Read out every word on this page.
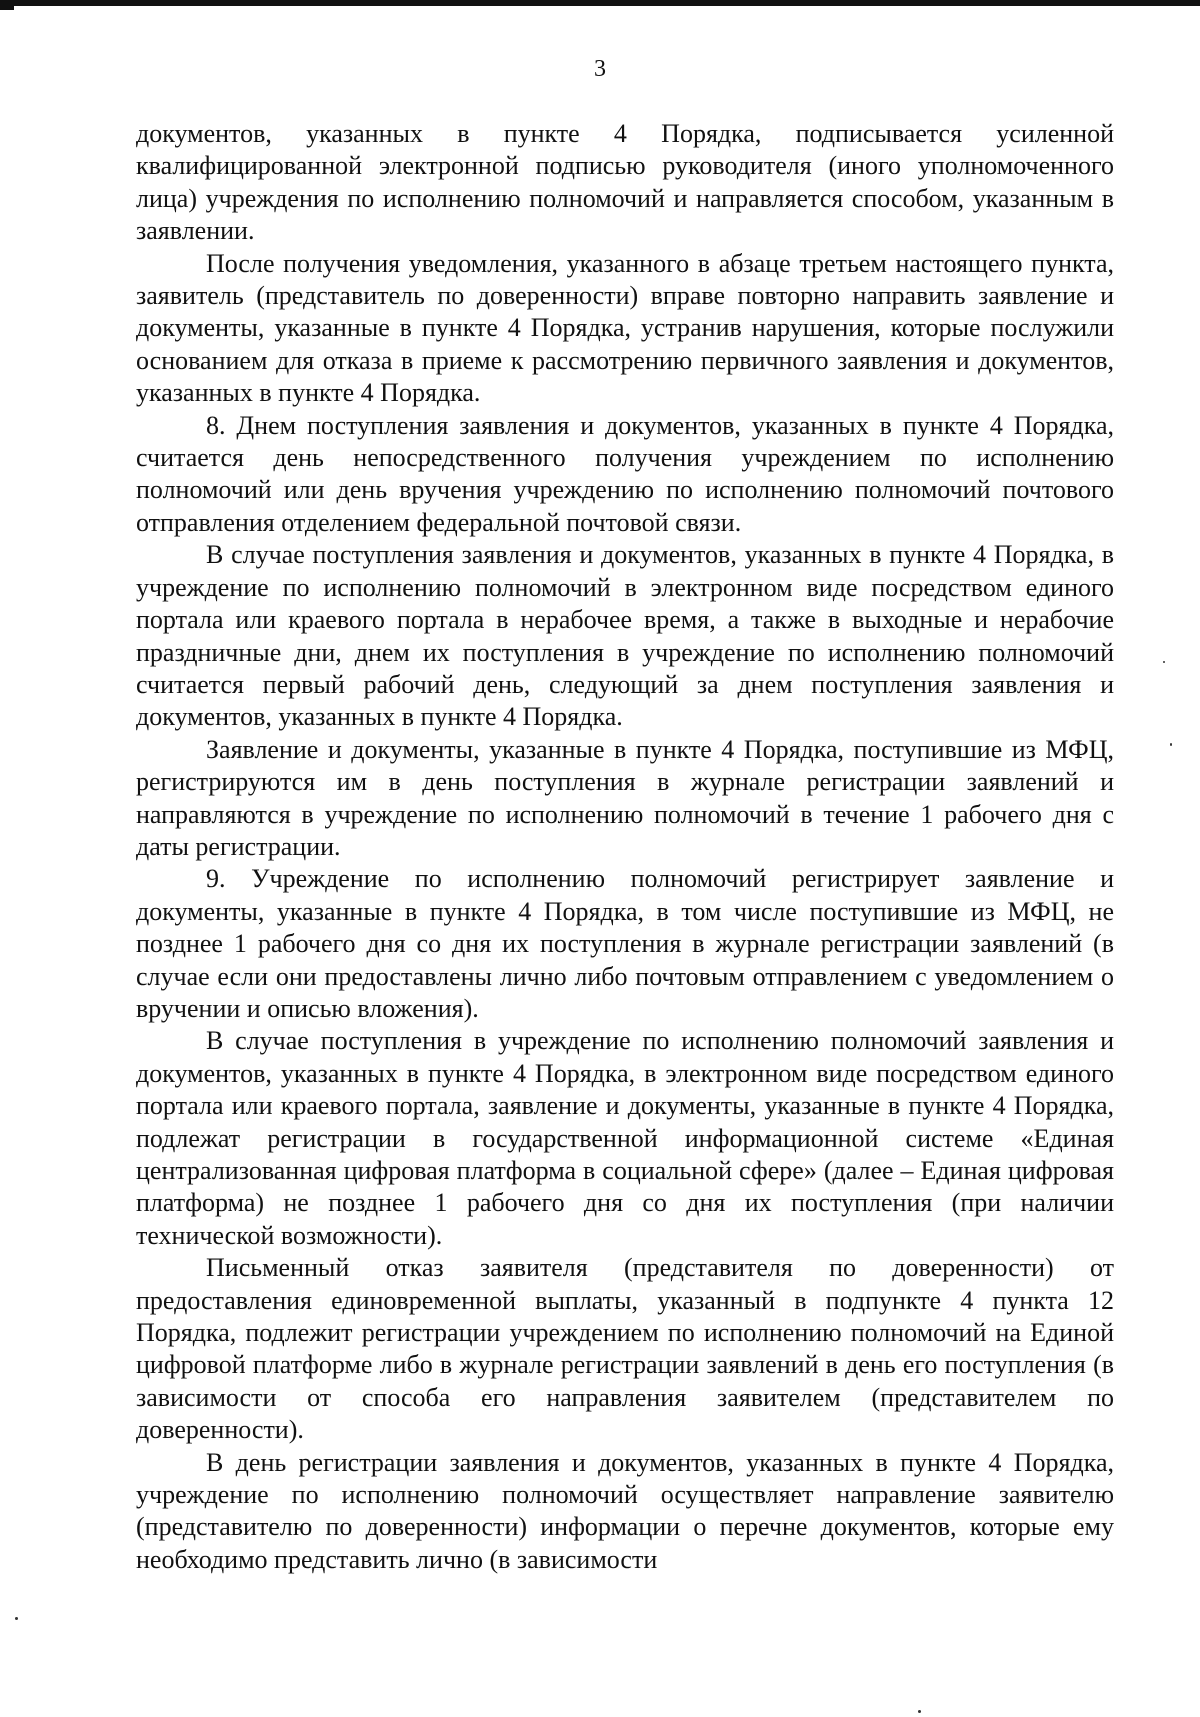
3

документов, указанных в пункте 4 Порядка, подписывается усиленной квалифицированной электронной подписью руководителя (иного уполномоченного лица) учреждения по исполнению полномочий и направляется способом, указанным в заявлении.

После получения уведомления, указанного в абзаце третьем настоящего пункта, заявитель (представитель по доверенности) вправе повторно направить заявление и документы, указанные в пункте 4 Порядка, устранив нарушения, которые послужили основанием для отказа в приеме к рассмотрению первичного заявления и документов, указанных в пункте 4 Порядка.

8. Днем поступления заявления и документов, указанных в пункте 4 Порядка, считается день непосредственного получения учреждением по исполнению полномочий или день вручения учреждению по исполнению полномочий почтового отправления отделением федеральной почтовой связи.

В случае поступления заявления и документов, указанных в пункте 4 Порядка, в учреждение по исполнению полномочий в электронном виде посредством единого портала или краевого портала в нерабочее время, а также в выходные и нерабочие праздничные дни, днем их поступления в учреждение по исполнению полномочий считается первый рабочий день, следующий за днем поступления заявления и документов, указанных в пункте 4 Порядка.

Заявление и документы, указанные в пункте 4 Порядка, поступившие из МФЦ, регистрируются им в день поступления в журнале регистрации заявлений и направляются в учреждение по исполнению полномочий в течение 1 рабочего дня с даты регистрации.

9. Учреждение по исполнению полномочий регистрирует заявление и документы, указанные в пункте 4 Порядка, в том числе поступившие из МФЦ, не позднее 1 рабочего дня со дня их поступления в журнале регистрации заявлений (в случае если они предоставлены лично либо почтовым отправлением с уведомлением о вручении и описью вложения).

В случае поступления в учреждение по исполнению полномочий заявления и документов, указанных в пункте 4 Порядка, в электронном виде посредством единого портала или краевого портала, заявление и документы, указанные в пункте 4 Порядка, подлежат регистрации в государственной информационной системе «Единая централизованная цифровая платформа в социальной сфере» (далее – Единая цифровая платформа) не позднее 1 рабочего дня со дня их поступления (при наличии технической возможности).

Письменный отказ заявителя (представителя по доверенности) от предоставления единовременной выплаты, указанный в подпункте 4 пункта 12 Порядка, подлежит регистрации учреждением по исполнению полномочий на Единой цифровой платформе либо в журнале регистрации заявлений в день его поступления (в зависимости от способа его направления заявителем (представителем по доверенности).

В день регистрации заявления и документов, указанных в пункте 4 Порядка, учреждение по исполнению полномочий осуществляет направление заявителю (представителю по доверенности) информации о перечне документов, которые ему необходимо представить лично (в зависимости
